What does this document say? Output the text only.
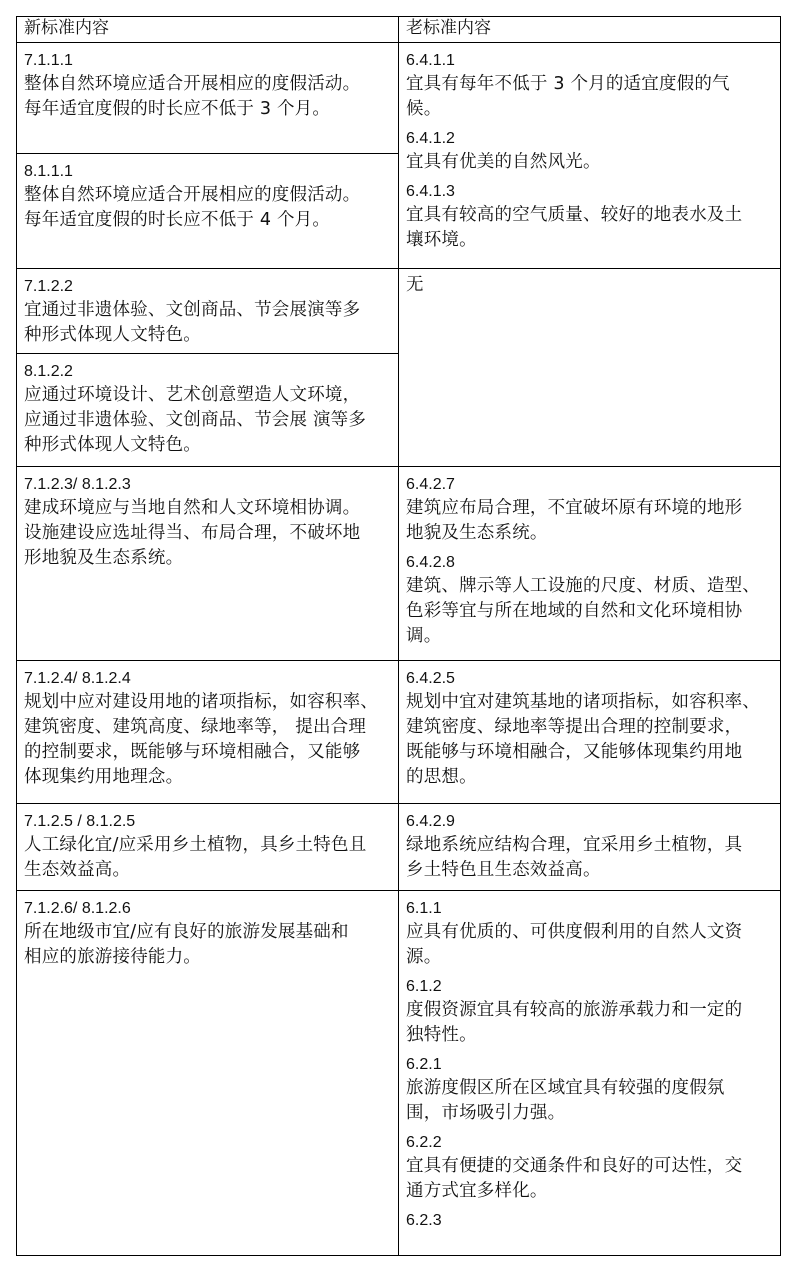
新标准内容	老标准内容
7.1.1.1
整体自然环境应适合开展相应的度假活动。
每年适宜度假的时长应不低于 3 个月。
8.1.1.1
整体自然环境应适合开展相应的度假活动。
每年适宜度假的时长应不低于 4 个月。
6.4.1.1
宜具有每年不低于 3 个月的适宜度假的气
候。
6.4.1.2
宜具有优美的自然风光。
6.4.1.3
宜具有较高的空气质量、较好的地表水及土
壤环境。
7.1.2.2
宜通过非遗体验、文创商品、节会展演等多
种形式体现人文特色。
8.1.2.2
应通过环境设计、艺术创意塑造人文环境，
应通过非遗体验、文创商品、节会展 演等多
种形式体现人文特色。
无
7.1.2.3/ 8.1.2.3
建成环境应与当地自然和人文环境相协调。
设施建设应选址得当、布局合理，不破坏地
形地貌及生态系统。
6.4.2.7
建筑应布局合理，不宜破坏原有环境的地形
地貌及生态系统。
6.4.2.8
建筑、牌示等人工设施的尺度、材质、造型、
色彩等宜与所在地域的自然和文化环境相协
调。
7.1.2.4/ 8.1.2.4
规划中应对建设用地的诸项指标，如容积率、
建筑密度、建筑高度、绿地率等， 提出合理
的控制要求，既能够与环境相融合，又能够
体现集约用地理念。
6.4.2.5
规划中宜对建筑基地的诸项指标，如容积率、
建筑密度、绿地率等提出合理的控制要求，
既能够与环境相融合，又能够体现集约用地
的思想。
7.1.2.5 / 8.1.2.5
人工绿化宜/应采用乡土植物，具乡土特色且
生态效益高。
6.4.2.9
绿地系统应结构合理，宜采用乡土植物，具
乡土特色且生态效益高。
7.1.2.6/ 8.1.2.6
所在地级市宜/应有良好的旅游发展基础和
相应的旅游接待能力。
6.1.1
应具有优质的、可供度假利用的自然人文资
源。
6.1.2
度假资源宜具有较高的旅游承载力和一定的
独特性。
6.2.1
旅游度假区所在区域宜具有较强的度假氛
围，市场吸引力强。
6.2.2
宜具有便捷的交通条件和良好的可达性，交
通方式宜多样化。
6.2.3
